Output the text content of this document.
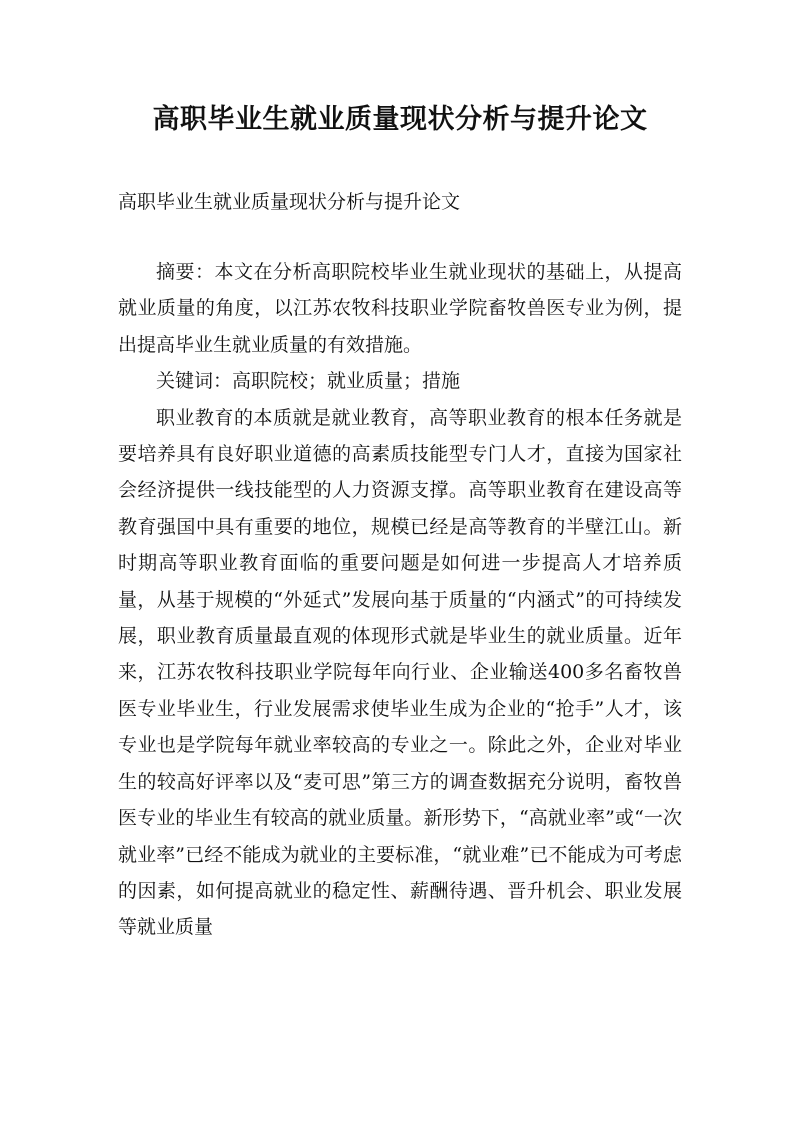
高职毕业生就业质量现状分析与提升论文
高职毕业生就业质量现状分析与提升论文

摘要：本文在分析高职院校毕业生就业现状的基础上，从提高就业质量的角度，以江苏农牧科技职业学院畜牧兽医专业为例，提出提高毕业生就业质量的有效措施。

关键词：高职院校；就业质量；措施

职业教育的本质就是就业教育，高等职业教育的根本任务就是要培养具有良好职业道德的高素质技能型专门人才，直接为国家社会经济提供一线技能型的人力资源支撑。高等职业教育在建设高等教育强国中具有重要的地位，规模已经是高等教育的半壁江山。新时期高等职业教育面临的重要问题是如何进一步提高人才培养质量，从基于规模的“外延式”发展向基于质量的“内涵式”的可持续发展，职业教育质量最直观的体现形式就是毕业生的就业质量。近年来，江苏农牧科技职业学院每年向行业、企业输送400多名畜牧兽医专业毕业生，行业发展需求使毕业生成为企业的“抢手”人才，该专业也是学院每年就业率较高的专业之一。除此之外，企业对毕业生的较高好评率以及“麦可思”第三方的调查数据充分说明，畜牧兽医专业的毕业生有较高的就业质量。新形势下，“高就业率”或“一次就业率”已经不能成为就业的主要标准，“就业难”已不能成为可考虑的因素，如何提高就业的稳定性、薪酬待遇、晋升机会、职业发展等就业质量
